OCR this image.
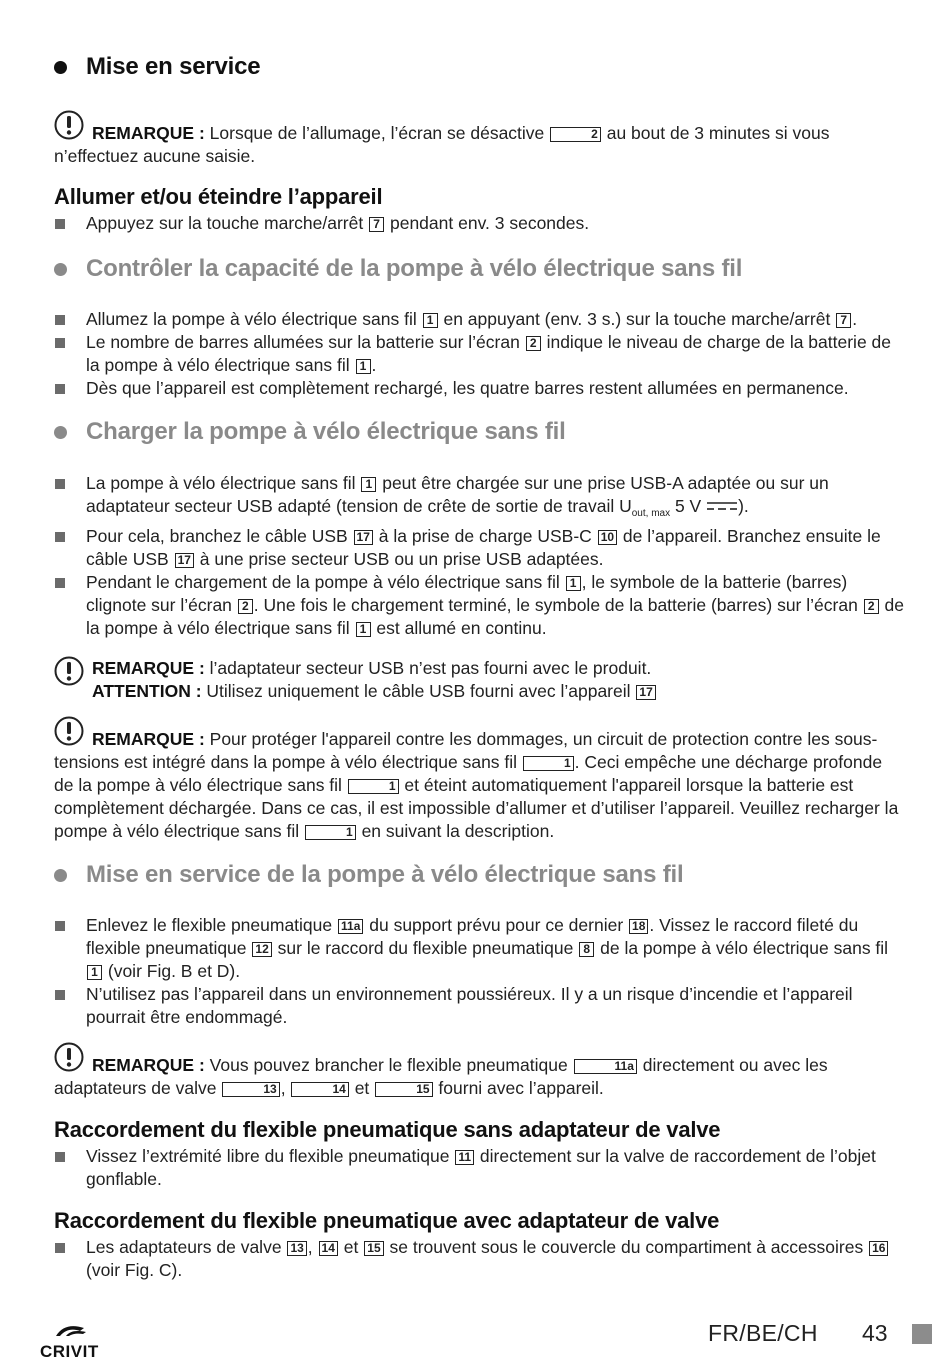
Mise en service
REMARQUE : Lorsque de l’allumage, l’écran se désactive	2 au bout de 3 minutes si vous n’effectuez aucune saisie.
Allumer et/ou éteindre l’appareil
Appuyez sur la touche marche/arrêt 7 pendant env. 3 secondes.
Contrôler la capacité de la pompe à vélo électrique sans fil
Allumez la pompe à vélo électrique sans fil 1 en appuyant (env. 3 s.) sur la touche marche/arrêt 7 .
Le nombre de barres allumées sur la batterie sur l’écran 2 indique le niveau de charge de la batterie de la pompe à vélo électrique sans fil 1 .
Dès que l’appareil est complètement rechargé, les quatre barres restent allumées en permanence.
Charger la pompe à vélo électrique sans fil
La pompe à vélo électrique sans fil 1 peut être chargée sur une prise USB-A adaptée ou sur un adaptateur secteur USB adapté (tension de crête de sortie de travail $U_{out, max}$ 5 V ).
Pour cela, branchez le câble USB 17 à la prise de charge USB-C 10 de l’appareil. Branchez ensuite le câble USB 17 à une prise secteur USB ou un prise USB adaptées.
Pendant le chargement de la pompe à vélo électrique sans fil 1 , le symbole de la batterie (barres) clignote sur l’écran 2 . Une fois le chargement terminé, le symbole de la batterie (barres) sur l’écran 2 de la pompe à vélo électrique sans fil 1 est allumé en continu.
REMARQUE : l’adaptateur secteur USB n’est pas fourni avec le produit.
ATTENTION : Utilisez uniquement le câble USB fourni avec l’appareil 17
REMARQUE : Pour protéger l'appareil contre les dommages, un circuit de protection contre les sous-tensions est intégré dans la pompe à vélo électrique sans fil	1 . Ceci empêche une décharge profonde de la pompe à vélo électrique sans fil	1 et éteint automatiquement l'appareil lorsque la batterie est complètement déchargée. Dans ce cas, il est impossible d’allumer et d’utiliser l’appareil. Veuillez recharger la pompe à vélo électrique sans fil	1 en suivant la description.
Mise en service de la pompe à vélo électrique sans fil
Enlevez le flexible pneumatique 11a du support prévu pour ce dernier 18 . Vissez le raccord fileté du flexible pneumatique 12 sur le raccord du flexible pneumatique 8 de la pompe à vélo électrique sans fil 1 (voir Fig. B et D).
N’utilisez pas l’appareil dans un environnement poussiéreux. Il y a un risque d’incendie et l’appareil pourrait être endommagé.
REMARQUE : Vous pouvez brancher le flexible pneumatique	11a directement ou avec les adaptateurs de valve	13 ,	14 et	15 fourni avec l’appareil.
Raccordement du flexible pneumatique sans adaptateur de valve
Vissez l’extrémité libre du flexible pneumatique 11 directement sur la valve de raccordement de l’objet gonflable.
Raccordement du flexible pneumatique avec adaptateur de valve
Les adaptateurs de valve 13 , 14 et 15 se trouvent sous le couvercle du compartiment à accessoires 16 (voir Fig. C).
CRIVIT
FR/BE/CH 43
